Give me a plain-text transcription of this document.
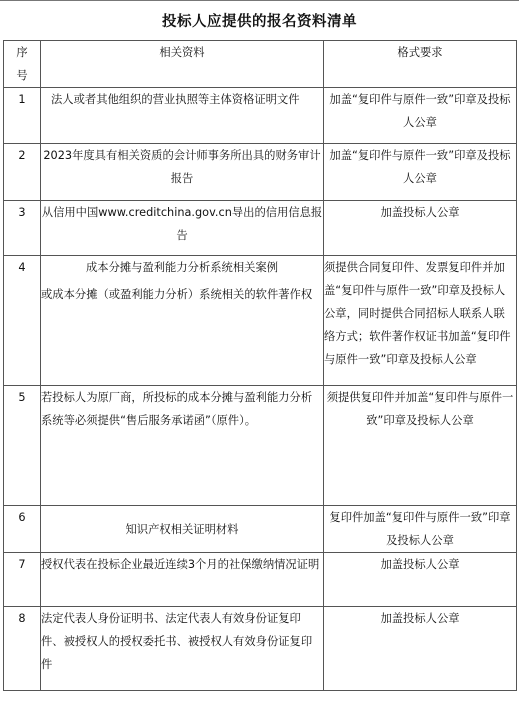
投标人应提供的报名资料清单
序号	相关资料	格式要求
1	法人或者其他组织的营业执照等主体资格证明文件	加盖“复印件与原件一致”印章及投标人公章
2	2023年度具有相关资质的会计师事务所出具的财务审计报告	加盖“复印件与原件一致”印章及投标人公章
3	从信用中国www.creditchina.gov.cn导出的信用信息报告	加盖投标人公章
4	成本分摊与盈利能力分析系统相关案例
或成本分摊（或盈利能力分析）系统相关的软件著作权	须提供合同复印件、发票复印件并加盖“复印件与原件一致”印章及投标人公章，同时提供合同招标人联系人联络方式；软件著作权证书加盖“复印件与原件一致”印章及投标人公章
5	若投标人为原厂商，所投标的成本分摊与盈利能力分析系统等必须提供“售后服务承诺函”（原件）。	须提供复印件并加盖“复印件与原件一致”印章及投标人公章
6	知识产权相关证明材料	复印件加盖“复印件与原件一致”印章及投标人公章
7	授权代表在投标企业最近连续3个月的社保缴纳情况证明	加盖投标人公章
8	法定代表人身份证明书、法定代表人有效身份证复印件、被授权人的授权委托书、被授权人有效身份证复印件	加盖投标人公章
